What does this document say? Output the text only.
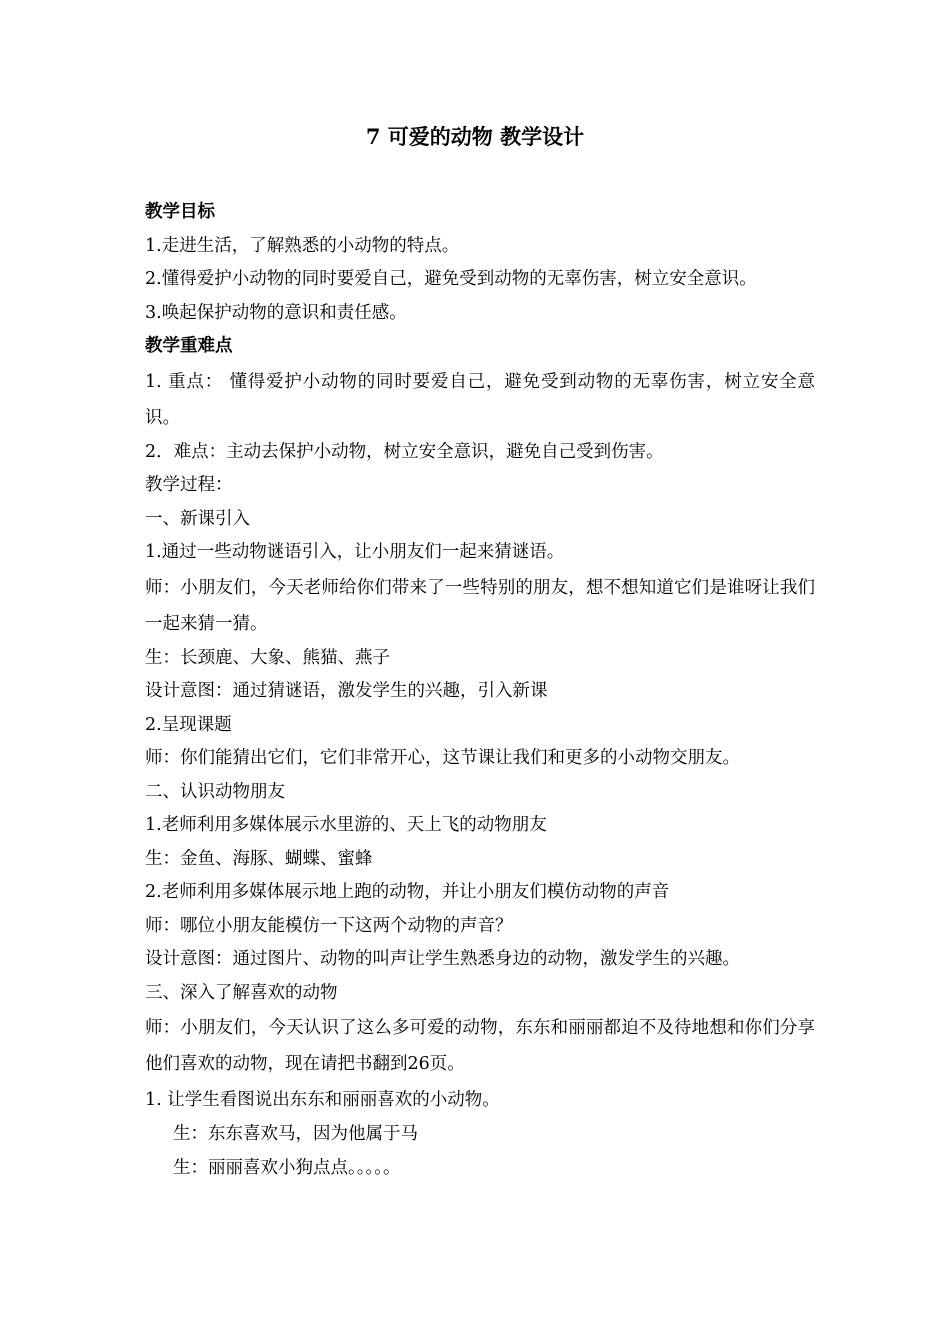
7 可爱的动物 教学设计
教学目标
1.走进生活，了解熟悉的小动物的特点。
2.懂得爱护小动物的同时要爱自己，避免受到动物的无辜伤害，树立安全意识。
3.唤起保护动物的意识和责任感。
教学重难点
1. 重点： 懂得爱护小动物的同时要爱自己，避免受到动物的无辜伤害，树立安全意识。
2．难点：主动去保护小动物，树立安全意识，避免自己受到伤害。
教学过程：
一、新课引入
1.通过一些动物谜语引入，让小朋友们一起来猜谜语。
师：小朋友们，今天老师给你们带来了一些特别的朋友，想不想知道它们是谁呀让我们一起来猜一猜。
生：长颈鹿、大象、熊猫、燕子
设计意图：通过猜谜语，激发学生的兴趣，引入新课
2.呈现课题
师：你们能猜出它们，它们非常开心，这节课让我们和更多的小动物交朋友。
二、认识动物朋友
1.老师利用多媒体展示水里游的、天上飞的动物朋友
生：金鱼、海豚、蝴蝶、蜜蜂
2.老师利用多媒体展示地上跑的动物，并让小朋友们模仿动物的声音
师：哪位小朋友能模仿一下这两个动物的声音？
设计意图：通过图片、动物的叫声让学生熟悉身边的动物，激发学生的兴趣。
三、深入了解喜欢的动物
师：小朋友们，今天认识了这么多可爱的动物，东东和丽丽都迫不及待地想和你们分享他们喜欢的动物，现在请把书翻到26页。
1. 让学生看图说出东东和丽丽喜欢的小动物。
生：东东喜欢马，因为他属于马
生：丽丽喜欢小狗点点。。。。。
